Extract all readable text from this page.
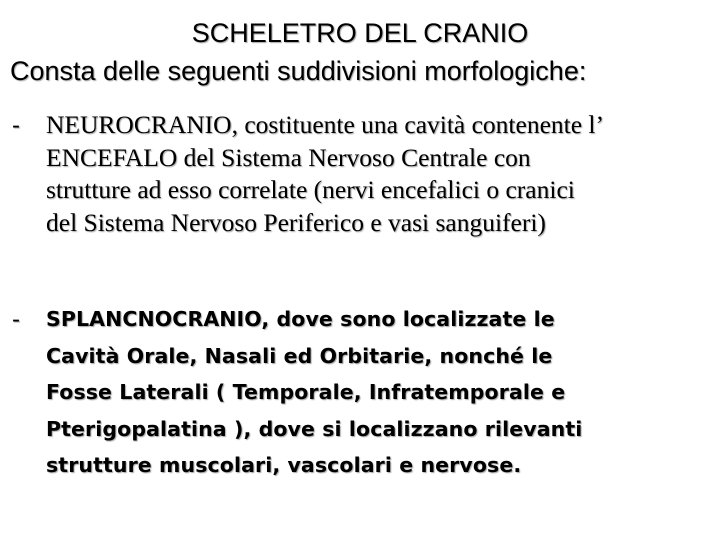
SCHELETRO DEL CRANIO
Consta delle seguenti suddivisioni morfologiche:
- NEUROCRANIO, costituente una cavità contenente l’
ENCEFALO del Sistema Nervoso Centrale con
strutture ad esso correlate (nervi encefalici o cranici
del Sistema Nervoso Periferico e vasi sanguiferi)
- SPLANCNOCRANIO, dove sono localizzate le
Cavità Orale, Nasali ed Orbitarie, nonché le
Fosse Laterali ( Temporale, Infratemporale e
Pterigopalatina ), dove si localizzano rilevanti
strutture muscolari, vascolari e nervose.
